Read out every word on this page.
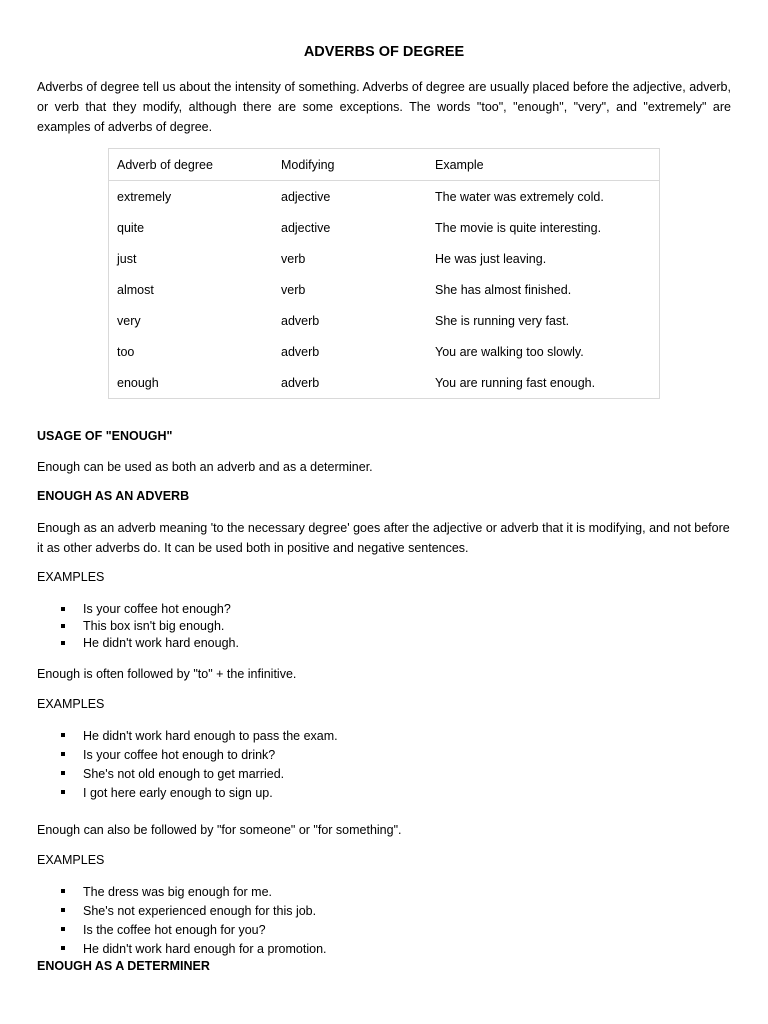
ADVERBS OF DEGREE

Adverbs of degree tell us about the intensity of something. Adverbs of degree are usually placed before the adjective, adverb, or verb that they modify, although there are some exceptions. The words "too", "enough", "very", and "extremely" are examples of adverbs of degree.

Adverb of degree	Modifying	Example
extremely	adjective	The water was extremely cold.
quite	adjective	The movie is quite interesting.
just	verb	He was just leaving.
almost	verb	She has almost finished.
very	adverb	She is running very fast.
too	adverb	You are walking too slowly.
enough	adverb	You are running fast enough.
USAGE OF "ENOUGH"

Enough can be used as both an adverb and as a determiner.

ENOUGH AS AN ADVERB

Enough as an adverb meaning 'to the necessary degree' goes after the adjective or adverb that it is modifying, and not before it as other adverbs do. It can be used both in positive and negative sentences.

EXAMPLES
Is your coffee hot enough?
This box isn't big enough.
He didn't work hard enough.

Enough is often followed by "to" + the infinitive.

EXAMPLES
He didn't work hard enough to pass the exam.
Is your coffee hot enough to drink?
She's not old enough to get married.
I got here early enough to sign up.

Enough can also be followed by "for someone" or "for something".

EXAMPLES
The dress was big enough for me.
She's not experienced enough for this job.
Is the coffee hot enough for you?
He didn't work hard enough for a promotion.
ENOUGH AS A DETERMINER
